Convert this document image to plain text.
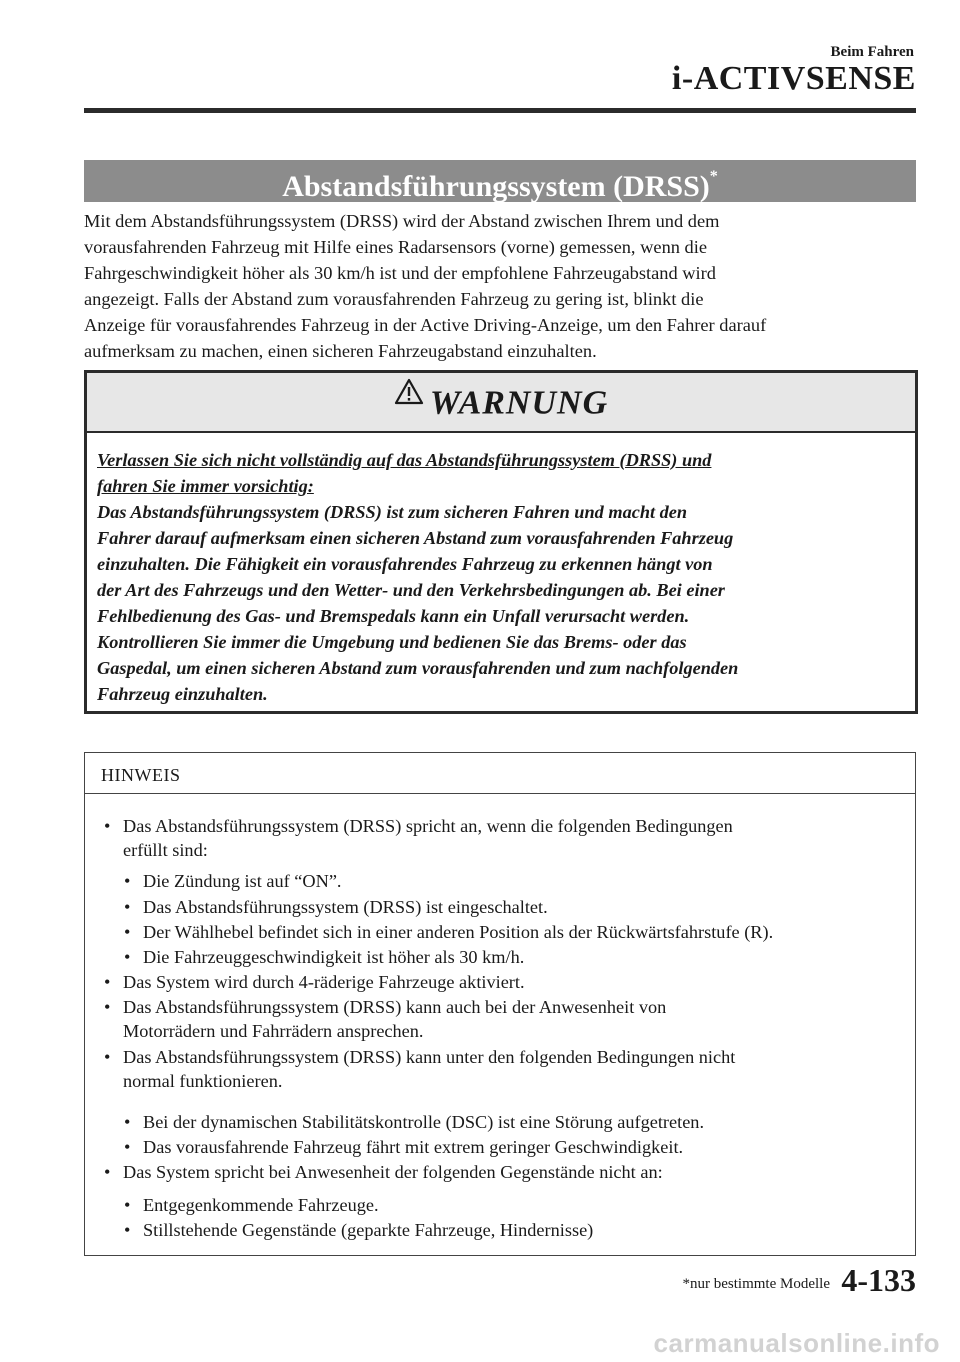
Beim Fahren
i-ACTIVSENSE
Abstandsführungssystem (DRSS)*

Mit dem Abstandsführungssystem (DRSS) wird der Abstand zwischen Ihrem und dem
vorausfahrenden Fahrzeug mit Hilfe eines Radarsensors (vorne) gemessen, wenn die
Fahrgeschwindigkeit höher als 30 km/h ist und der empfohlene Fahrzeugabstand wird
angezeigt. Falls der Abstand zum vorausfahrenden Fahrzeug zu gering ist, blinkt die
Anzeige für vorausfahrendes Fahrzeug in der Active Driving-Anzeige, um den Fahrer darauf
aufmerksam zu machen, einen sicheren Fahrzeugabstand einzuhalten.

WARNUNG
Verlassen Sie sich nicht vollständig auf das Abstandsführungssystem (DRSS) und
fahren Sie immer vorsichtig:
Das Abstandsführungssystem (DRSS) ist zum sicheren Fahren und macht den
Fahrer darauf aufmerksam einen sicheren Abstand zum vorausfahrenden Fahrzeug
einzuhalten. Die Fähigkeit ein vorausfahrendes Fahrzeug zu erkennen hängt von
der Art des Fahrzeugs und den Wetter- und den Verkehrsbedingungen ab. Bei einer
Fehlbedienung des Gas- und Bremspedals kann ein Unfall verursacht werden.
Kontrollieren Sie immer die Umgebung und bedienen Sie das Brems- oder das
Gaspedal, um einen sicheren Abstand zum vorausfahrenden und zum nachfolgenden
Fahrzeug einzuhalten.
HINWEIS
• Das Abstandsführungssystem (DRSS) spricht an, wenn die folgenden Bedingungen
erfüllt sind:
• Die Zündung ist auf “ON”.
• Das Abstandsführungssystem (DRSS) ist eingeschaltet.
• Der Wählhebel befindet sich in einer anderen Position als der Rückwärtsfahrstufe (R).
• Die Fahrzeuggeschwindigkeit ist höher als 30 km/h.
• Das System wird durch 4-räderige Fahrzeuge aktiviert.
• Das Abstandsführungssystem (DRSS) kann auch bei der Anwesenheit von
Motorrädern und Fahrrädern ansprechen.
• Das Abstandsführungssystem (DRSS) kann unter den folgenden Bedingungen nicht
normal funktionieren.
• Bei der dynamischen Stabilitätskontrolle (DSC) ist eine Störung aufgetreten.
• Das vorausfahrende Fahrzeug fährt mit extrem geringer Geschwindigkeit.
• Das System spricht bei Anwesenheit der folgenden Gegenstände nicht an:
• Entgegenkommende Fahrzeuge.
• Stillstehende Gegenstände (geparkte Fahrzeuge, Hindernisse)
*nur bestimmte Modelle 4-133
carmanualsonline.info
